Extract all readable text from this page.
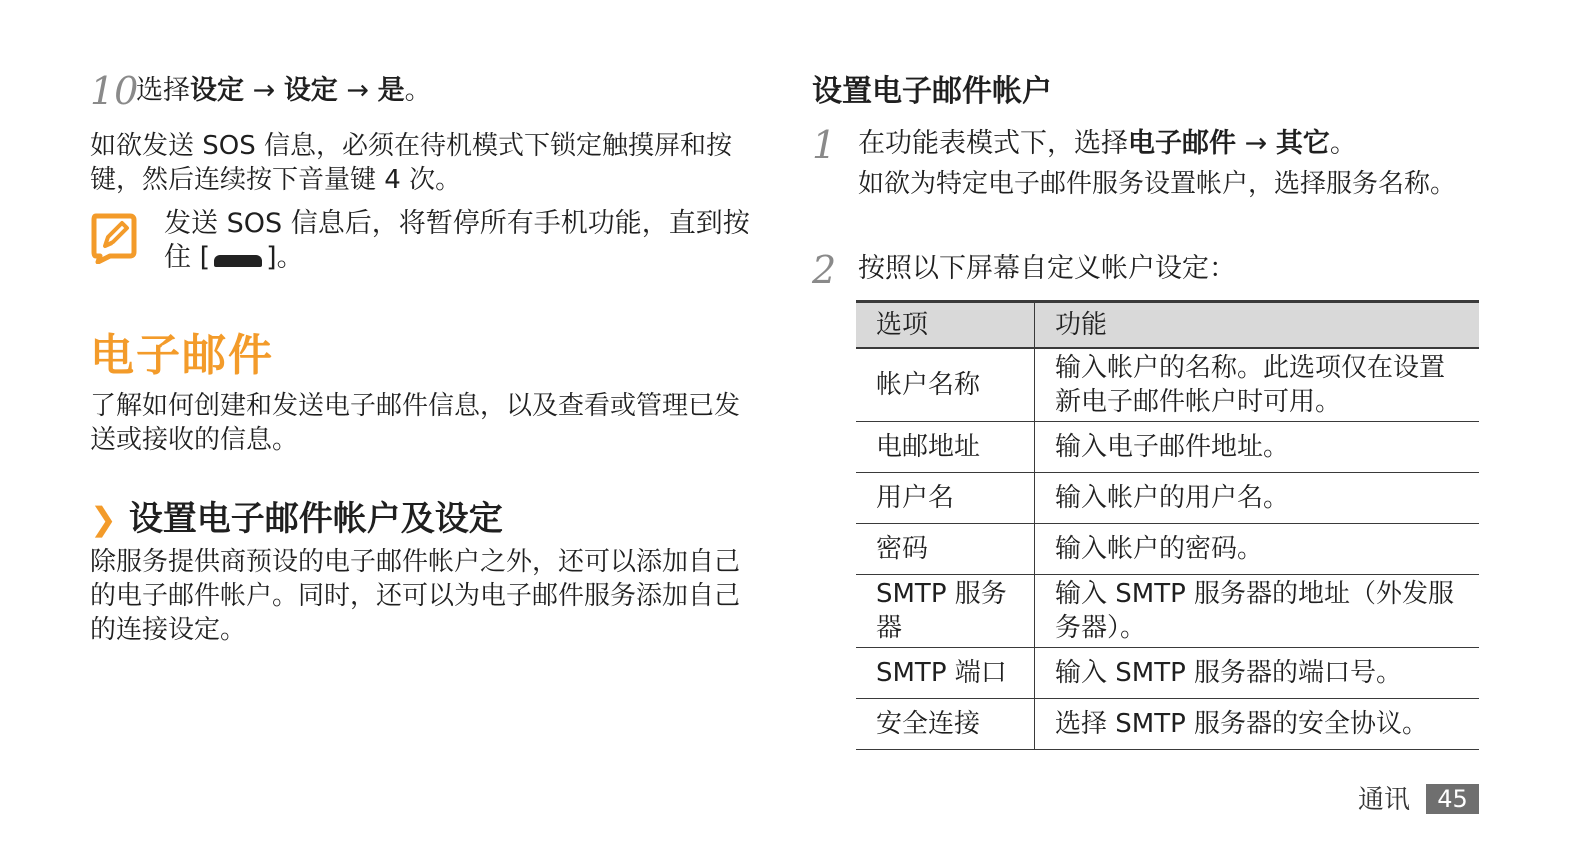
10
选择设定 → 设定 → 是。
如欲发送 SOS 信息，必须在待机模式下锁定触摸屏和按键，然后连续按下音量键 4 次。
发送 SOS 信息后，将暂停所有手机功能，直到按住 [ ]。
电子邮件
了解如何创建和发送电子邮件信息，以及查看或管理已发送或接收的信息。
❯ 设置电子邮件帐户及设定
除服务提供商预设的电子邮件帐户之外，还可以添加自己的电子邮件帐户。同时，还可以为电子邮件服务添加自己的连接设定。
设置电子邮件帐户
1 在功能表模式下，选择电子邮件 → 其它。
如欲为特定电子邮件服务设置帐户，选择服务名称。
2 按照以下屏幕自定义帐户设定：
选项	功能
帐户名称	输入帐户的名称。此选项仅在设置新电子邮件帐户时可用。
电邮地址	输入电子邮件地址。
用户名	输入帐户的用户名。
密码	输入帐户的密码。
SMTP 服务器	输入 SMTP 服务器的地址（外发服务器）。
SMTP 端口	输入 SMTP 服务器的端口号。
安全连接	选择 SMTP 服务器的安全协议。
通讯	45
